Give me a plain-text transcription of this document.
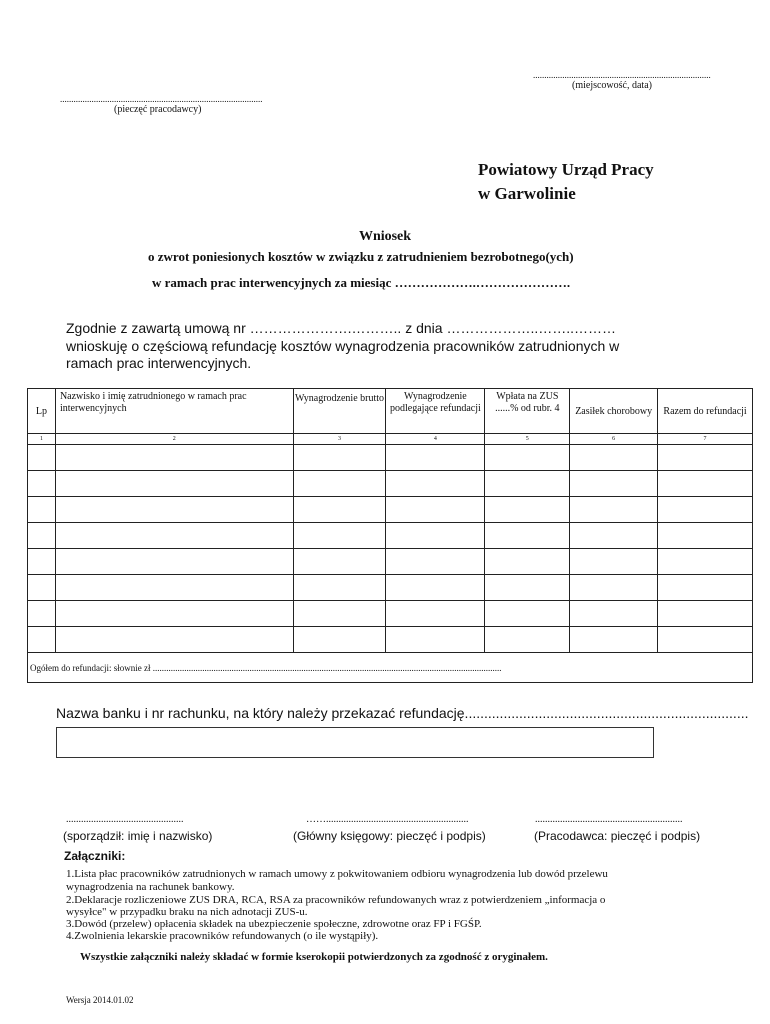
...............................................................................
(miejscowość, data)
..........................................................................................
(pieczęć pracodawcy)
Powiatowy Urząd Pracy
w Garwolinie
Wniosek
o zwrot poniesionych kosztów w związku z zatrudnieniem bezrobotnego(ych)
w ramach prac interwencyjnych za miesiąc ……………….………………….
Zgodnie z zawartą umową nr ………………….……….. z dnia ………………..……..………
wnioskuję o częściową refundację kosztów wynagrodzenia pracowników zatrudnionych w
ramach prac interwencyjnych.
Lp	Nazwisko i imię zatrudnionego w ramach prac interwencyjnych	Wynagrodzenie brutto	Wynagrodzenie podlegające refundacji	Wpłata na ZUS ......% od rubr. 4	Zasiłek chorobowy	Razem do refundacji
1	2	3	4	5	6	7

Ogółem do refundacji: słownie zł ...........................................................................................................................................................						
Nazwa banku i nr rachunku, na który należy przekazać refundację.........................................................................
...............................................
(sporządził: imię i nazwisko)
…….........................................................
(Główny księgowy: pieczęć i podpis)
...........................................................
(Pracodawca: pieczęć i podpis)
Załączniki:
1.Lista płac pracowników zatrudnionych w ramach umowy z pokwitowaniem odbioru wynagrodzenia lub dowód przelewu
wynagrodzenia na rachunek bankowy.
2.Deklaracje rozliczeniowe ZUS DRA, RCA, RSA za pracowników refundowanych wraz z potwierdzeniem „informacja o
wysyłce" w przypadku braku na nich adnotacji ZUS-u.
3.Dowód (przelew) opłacenia składek na ubezpieczenie społeczne, zdrowotne oraz FP i FGŚP.
4.Zwolnienia lekarskie pracowników refundowanych (o ile wystąpiły).
Wszystkie załączniki należy składać w formie kserokopii potwierdzonych za zgodność z oryginałem.
Wersja 2014.01.02
